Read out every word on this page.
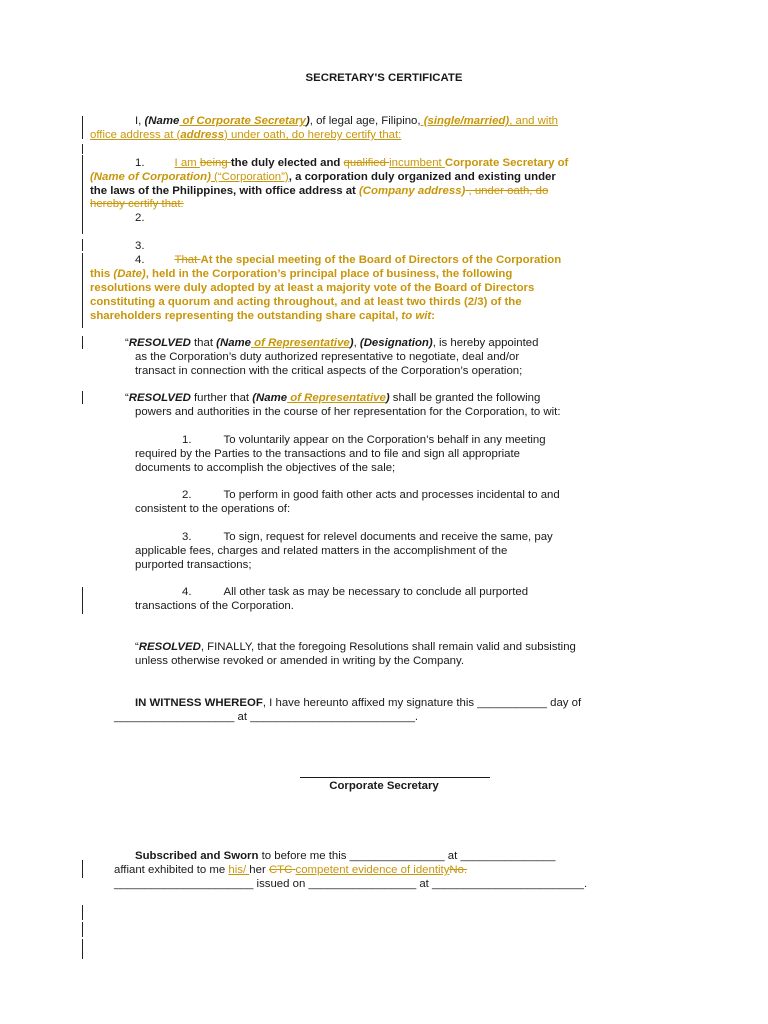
SECRETARY'S CERTIFICATE
I, (Name of Corporate Secretary), of legal age, Filipino, (single/married), and with
office address at (address) under oath, do hereby certify that:
1.	I am being the duly elected and qualified incumbent Corporate Secretary of
(Name of Corporation) (“Corporation”), a corporation duly organized and existing under
the laws of the Philippines, with office address at (Company address) , under oath, do
hereby certify that:
2.
3.
4.	That At the special meeting of the Board of Directors of the Corporation
this (Date), held in the Corporation’s principal place of business, the following
resolutions were duly adopted by at least a majority vote of the Board of Directors
constituting a quorum and acting throughout, and at least two thirds (2/3) of the
shareholders representing the outstanding share capital, to wit:
“RESOLVED that (Name of Representative), (Designation), is hereby appointed
as the Corporation’s duty authorized representative to negotiate, deal and/or
transact in connection with the critical aspects of the Corporation’s operation;
“RESOLVED further that (Name of Representative) shall be granted the following
powers and authorities in the course of her representation for the Corporation, to wit:
1.	To voluntarily appear on the Corporation’s behalf in any meeting
required by the Parties to the transactions and to file and sign all appropriate
documents to accomplish the objectives of the sale;
2.	To perform in good faith other acts and processes incidental to and
consistent to the operations of:
3.	To sign, request for relevel documents and receive the same, pay
applicable fees, charges and related matters in the accomplishment of the
purported transactions;
4.	All other task as may be necessary to conclude all purported
transactions of the Corporation.
“RESOLVED, FINALLY, that the foregoing Resolutions shall remain valid and subsisting
unless otherwise revoked or amended in writing by the Company.
IN WITNESS WHEREOF, I have hereunto affixed my signature this ___________ day of
___________________ at __________________________.
Corporate Secretary
Subscribed and Sworn to before me this _______________ at _______________
affiant exhibited to me his/ her CTC competent evidence of identityNo.
______________________ issued on _________________ at ________________________.
